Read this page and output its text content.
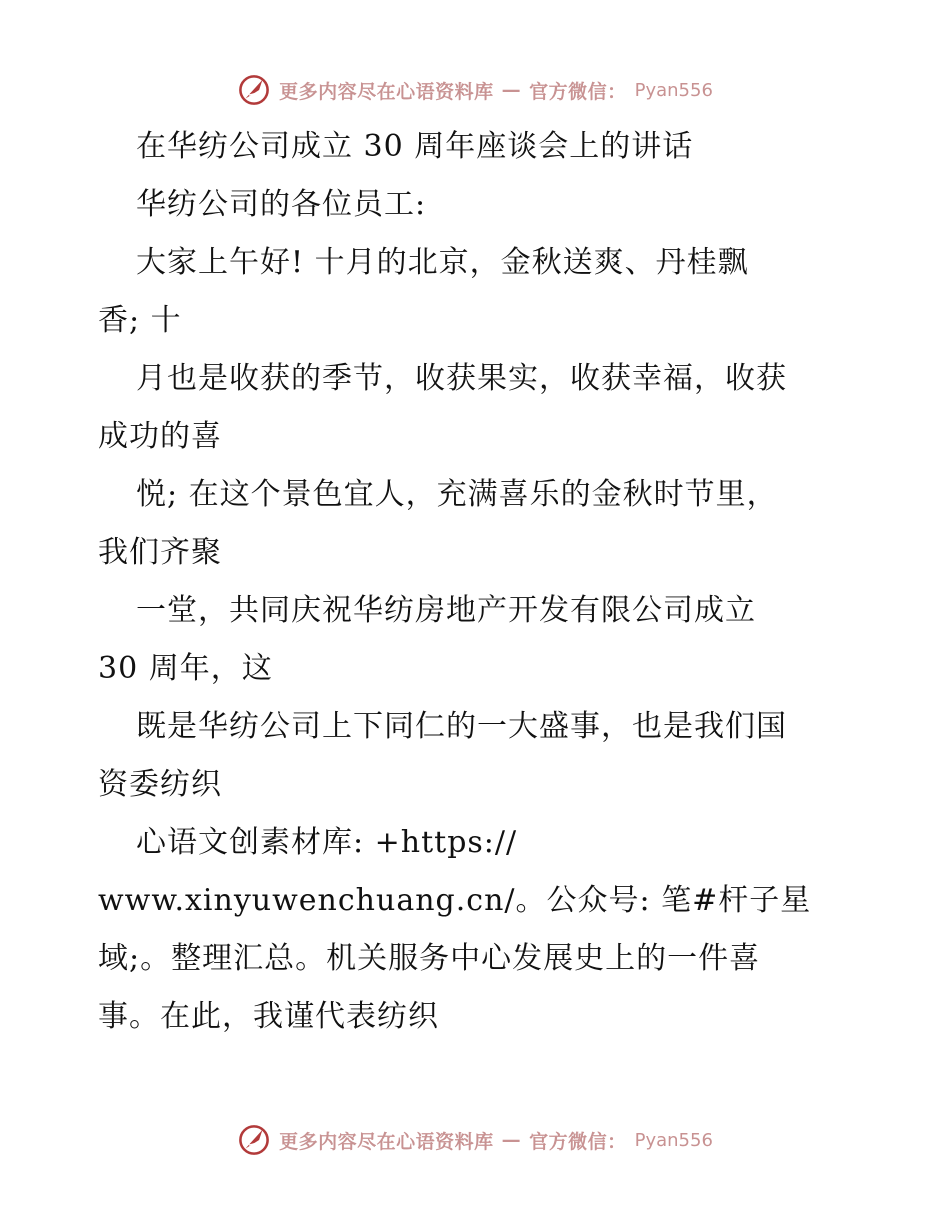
更多内容尽在心语资料库 — 官方微信： Pyan556
在华纺公司成立 30 周年座谈会上的讲话
华纺公司的各位员工:
大家上午好! 十月的北京，金秋送爽、丹桂飘
香; 十
月也是收获的季节，收获果实，收获幸福，收获
成功的喜
悦; 在这个景色宜人，充满喜乐的金秋时节里，
我们齐聚
一堂，共同庆祝华纺房地产开发有限公司成立
30 周年，这
既是华纺公司上下同仁的一大盛事，也是我们国
资委纺织
心语文创素材库: +https://
www.xinyuwenchuang.cn/。公众号: 笔#杆子星
域;。整理汇总。机关服务中心发展史上的一件喜
事。在此，我谨代表纺织
更多内容尽在心语资料库 — 官方微信： Pyan556
